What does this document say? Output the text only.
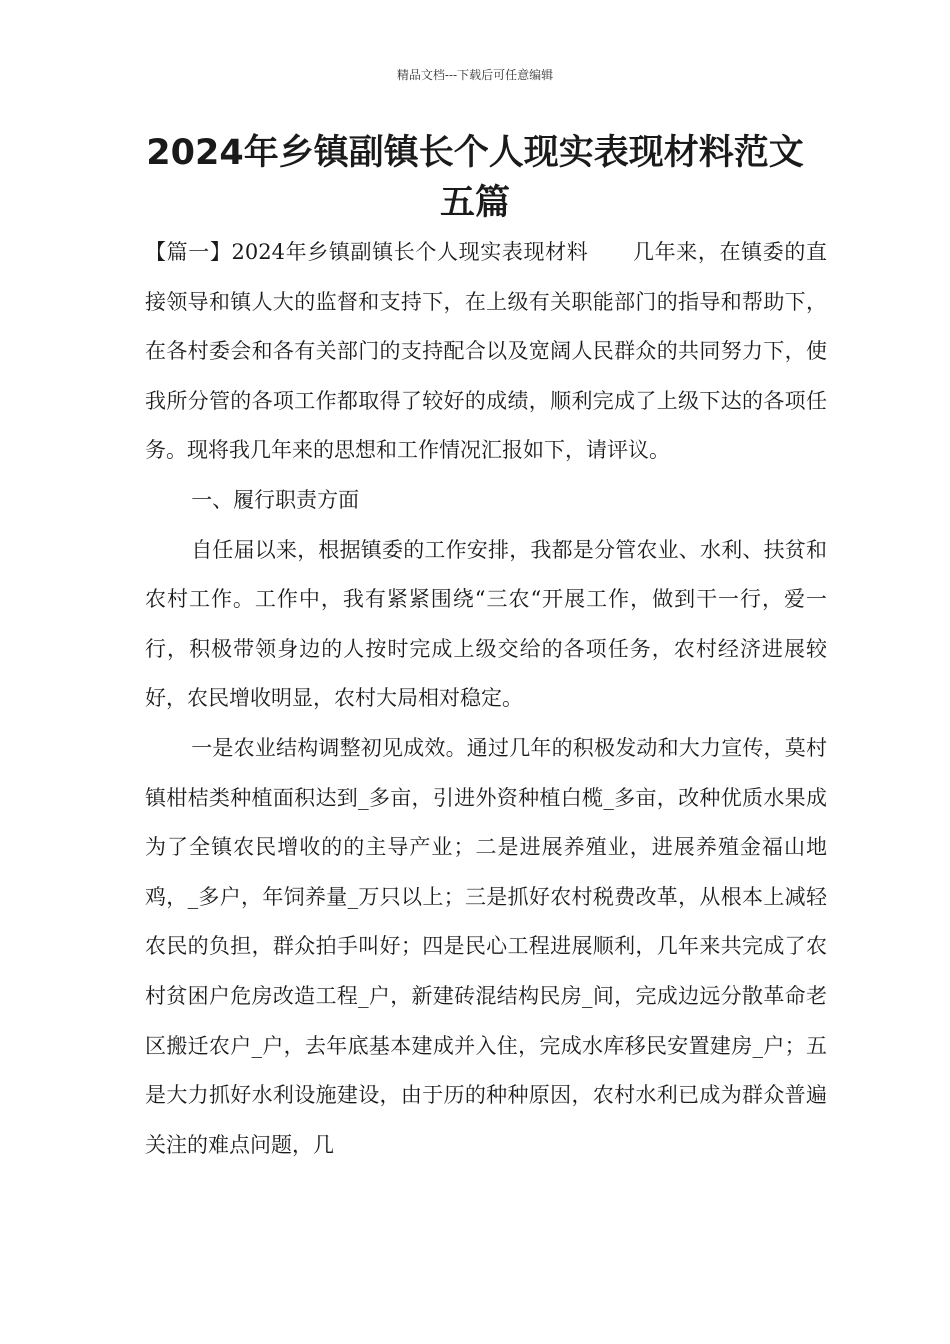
精品文档---下载后可任意编辑
2024年乡镇副镇长个人现实表现材料范文五篇

【篇一】2024年乡镇副镇长个人现实表现材料 几年来，在镇委的直接领导和镇人大的监督和支持下，在上级有关职能部门的指导和帮助下，在各村委会和各有关部门的支持配合以及宽阔人民群众的共同努力下，使我所分管的各项工作都取得了较好的成绩，顺利完成了上级下达的各项任务。现将我几年来的思想和工作情况汇报如下，请评议。

一、履行职责方面

自任届以来，根据镇委的工作安排，我都是分管农业、水利、扶贫和农村工作。工作中，我有紧紧围绕“三农“开展工作，做到干一行，爱一行，积极带领身边的人按时完成上级交给的各项任务，农村经济进展较好，农民增收明显，农村大局相对稳定。

一是农业结构调整初见成效。通过几年的积极发动和大力宣传，莫村镇柑桔类种植面积达到_多亩，引进外资种植白榄_多亩，改种优质水果成为了全镇农民增收的的主导产业；二是进展养殖业，进展养殖金福山地鸡，_多户，年饲养量_万只以上；三是抓好农村税费改革，从根本上减轻农民的负担，群众拍手叫好；四是民心工程进展顺利，几年来共完成了农村贫困户危房改造工程_户，新建砖混结构民房_间，完成边远分散革命老区搬迁农户_户，去年底基本建成并入住，完成水库移民安置建房_户；五是大力抓好水利设施建设，由于历的种种原因，农村水利已成为群众普遍关注的难点问题，几
